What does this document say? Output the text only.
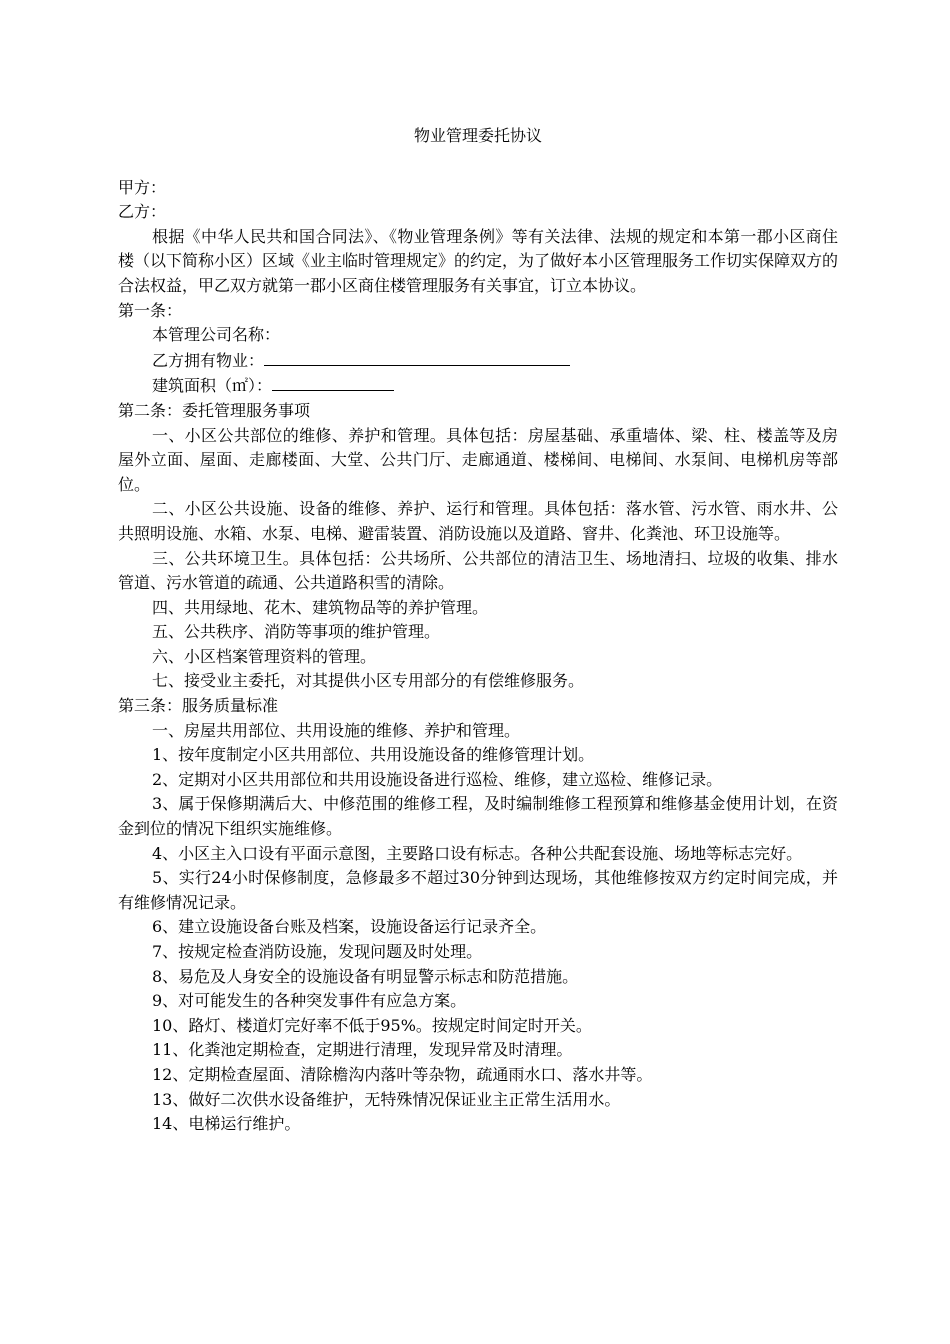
物业管理委托协议

甲方：

乙方：

根据《中华人民共和国合同法》、《物业管理条例》等有关法律、法规的规定和本第一郡小区商住楼（以下简称小区）区域《业主临时管理规定》的约定，为了做好本小区管理服务工作切实保障双方的合法权益，甲乙双方就第一郡小区商住楼管理服务有关事宜，订立本协议。

第一条：

本管理公司名称：

乙方拥有物业：

建筑面积（㎡）：

第二条：委托管理服务事项

一、小区公共部位的维修、养护和管理。具体包括：房屋基础、承重墙体、梁、柱、楼盖等及房屋外立面、屋面、走廊楼面、大堂、公共门厅、走廊通道、楼梯间、电梯间、水泵间、电梯机房等部位。

二、小区公共设施、设备的维修、养护、运行和管理。具体包括：落水管、污水管、雨水井、公共照明设施、水箱、水泵、电梯、避雷装置、消防设施以及道路、窨井、化粪池、环卫设施等。

三、公共环境卫生。具体包括：公共场所、公共部位的清洁卫生、场地清扫、垃圾的收集、排水管道、污水管道的疏通、公共道路积雪的清除。

四、共用绿地、花木、建筑物品等的养护管理。

五、公共秩序、消防等事项的维护管理。

六、小区档案管理资料的管理。

七、接受业主委托，对其提供小区专用部分的有偿维修服务。

第三条：服务质量标准

一、房屋共用部位、共用设施的维修、养护和管理。

1、按年度制定小区共用部位、共用设施设备的维修管理计划。

2、定期对小区共用部位和共用设施设备进行巡检、维修，建立巡检、维修记录。

3、属于保修期满后大、中修范围的维修工程，及时编制维修工程预算和维修基金使用计划，在资金到位的情况下组织实施维修。

4、小区主入口设有平面示意图，主要路口设有标志。各种公共配套设施、场地等标志完好。

5、实行24小时保修制度，急修最多不超过30分钟到达现场，其他维修按双方约定时间完成，并有维修情况记录。

6、建立设施设备台账及档案，设施设备运行记录齐全。

7、按规定检查消防设施，发现问题及时处理。

8、易危及人身安全的设施设备有明显警示标志和防范措施。

9、对可能发生的各种突发事件有应急方案。

10、路灯、楼道灯完好率不低于95%。按规定时间定时开关。

11、化粪池定期检查，定期进行清理，发现异常及时清理。

12、定期检查屋面、清除檐沟内落叶等杂物，疏通雨水口、落水井等。

13、做好二次供水设备维护，无特殊情况保证业主正常生活用水。

14、电梯运行维护。
